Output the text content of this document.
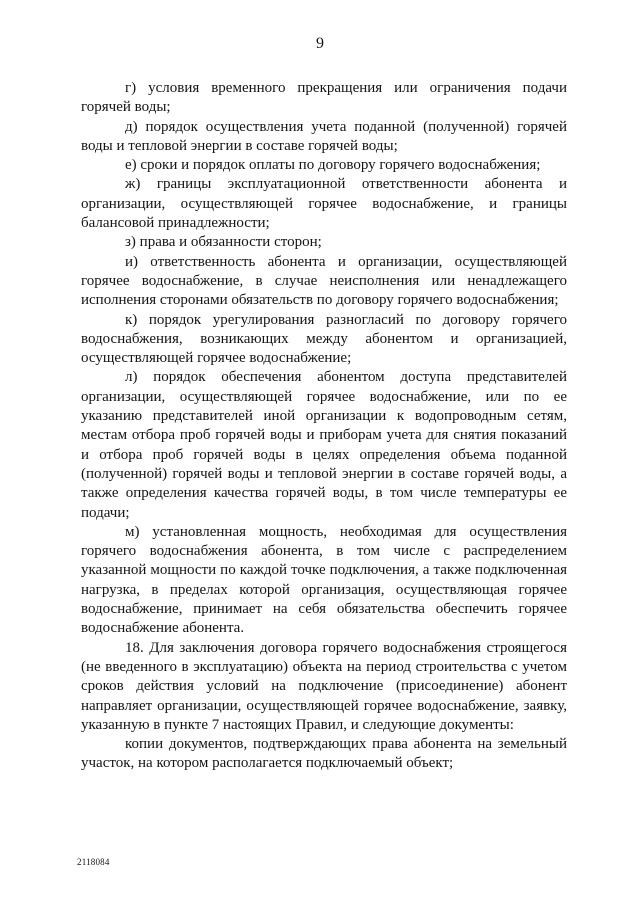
9

г) условия временного прекращения или ограничения подачи горячей воды;

д) порядок осуществления учета поданной (полученной) горячей воды и тепловой энергии в составе горячей воды;

е) сроки и порядок оплаты по договору горячего водоснабжения;

ж) границы эксплуатационной ответственности абонента и организации, осуществляющей горячее водоснабжение, и границы балансовой принадлежности;

з) права и обязанности сторон;

и) ответственность абонента и организации, осуществляющей горячее водоснабжение, в случае неисполнения или ненадлежащего исполнения сторонами обязательств по договору горячего водоснабжения;

к) порядок урегулирования разногласий по договору горячего водоснабжения, возникающих между абонентом и организацией, осуществляющей горячее водоснабжение;

л) порядок обеспечения абонентом доступа представителей организации, осуществляющей горячее водоснабжение, или по ее указанию представителей иной организации к водопроводным сетям, местам отбора проб горячей воды и приборам учета для снятия показаний и отбора проб горячей воды в целях определения объема поданной (полученной) горячей воды и тепловой энергии в составе горячей воды, а также определения качества горячей воды, в том числе температуры ее подачи;

м) установленная мощность, необходимая для осуществления горячего водоснабжения абонента, в том числе с распределением указанной мощности по каждой точке подключения, а также подключенная нагрузка, в пределах которой организация, осуществляющая горячее водоснабжение, принимает на себя обязательства обеспечить горячее водоснабжение абонента.

18. Для заключения договора горячего водоснабжения строящегося (не введенного в эксплуатацию) объекта на период строительства с учетом сроков действия условий на подключение (присоединение) абонент направляет организации, осуществляющей горячее водоснабжение, заявку, указанную в пункте 7 настоящих Правил, и следующие документы:

копии документов, подтверждающих права абонента на земельный участок, на котором располагается подключаемый объект;

2118084
